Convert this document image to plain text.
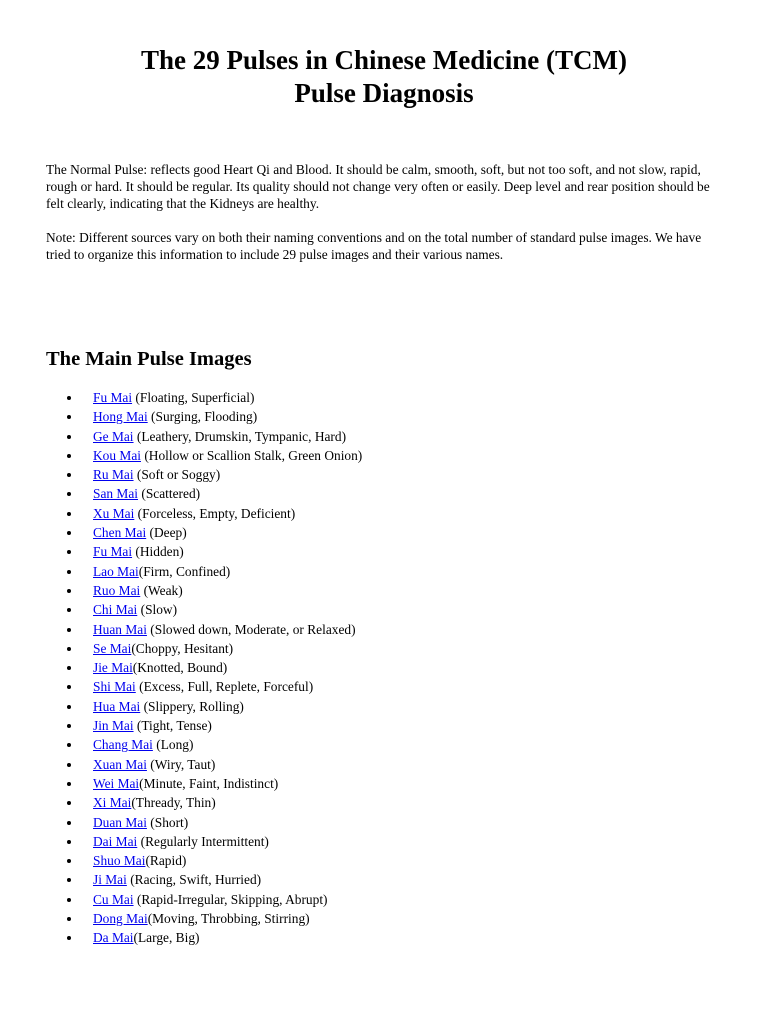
The 29 Pulses in Chinese Medicine (TCM)
Pulse Diagnosis

The Normal Pulse: reflects good Heart Qi and Blood. It should be calm, smooth, soft, but not too soft, and not slow, rapid, rough or hard. It should be regular. Its quality should not change very often or easily. Deep level and rear position should be felt clearly, indicating that the Kidneys are healthy.

Note: Different sources vary on both their naming conventions and on the total number of standard pulse images. We have tried to organize this information to include 29 pulse images and their various names.

The Main Pulse Images
Fu Mai (Floating, Superficial)
Hong Mai (Surging, Flooding)
Ge Mai (Leathery, Drumskin, Tympanic, Hard)
Kou Mai (Hollow or Scallion Stalk, Green Onion)
Ru Mai (Soft or Soggy)
San Mai (Scattered)
Xu Mai (Forceless, Empty, Deficient)
Chen Mai (Deep)
Fu Mai (Hidden)
Lao Mai(Firm, Confined)
Ruo Mai (Weak)
Chi Mai (Slow)
Huan Mai (Slowed down, Moderate, or Relaxed)
Se Mai(Choppy, Hesitant)
Jie Mai(Knotted, Bound)
Shi Mai (Excess, Full, Replete, Forceful)
Hua Mai (Slippery, Rolling)
Jin Mai (Tight, Tense)
Chang Mai (Long)
Xuan Mai (Wiry, Taut)
Wei Mai(Minute, Faint, Indistinct)
Xi Mai(Thready, Thin)
Duan Mai (Short)
Dai Mai (Regularly Intermittent)
Shuo Mai(Rapid)
Ji Mai (Racing, Swift, Hurried)
Cu Mai (Rapid-Irregular, Skipping, Abrupt)
Dong Mai(Moving, Throbbing, Stirring)
Da Mai(Large, Big)
